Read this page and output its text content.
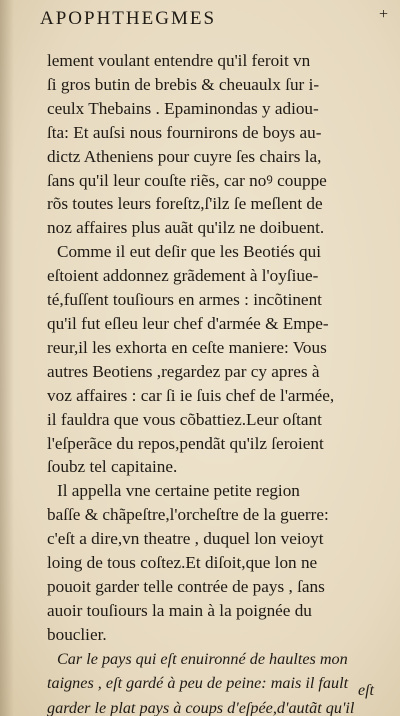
APOPHTHEGMES	+
lement voulant entendre qu'il feroit vn
ſi gros butin de brebis & cheuaulx ſur i-
ceulx Thebains . Epaminondas y adiou-
ſta: Et auſsi nous fournirons de boys au-
dictz Atheniens pour cuyre ſes chairs la,
ſans qu'il leur couſte riẽs, car noꝰ couppe
rõs toutes leurs foreſtz,ſ'ilz ſe meſlent de
noz affaires plus auãt qu'ilz ne doibuent.
Comme il eut deſir que les Beotiés qui
eſtoient addonnez grãdement à l'oyſiue-
té,fuſſent touſiours en armes : incõtinent
qu'il fut eſleu leur chef d'armée & Empe-
reur,il les exhorta en ceſte maniere: Vous
autres Beotiens ,regardez par cy apres à
voz affaires : car ſi ie ſuis chef de l'armée,
il fauldra que vous cõbattiez.Leur oſtant
l'eſperãce du repos,pendãt qu'ilz ſeroient
ſoubz tel capitaine.
Il appella vne certaine petite region
baſſe & chãpeſtre,l'orcheſtre de la guerre:
c'eſt a dire,vn theatre , duquel lon veioyt
loing de tous coſtez.Et diſoit,que lon ne
pouoit garder telle contrée de pays , ſans
auoir touſiours la main à la poignée du
bouclier.
Car le pays qui eſt enuironné de haultes mon
taignes , eſt gardé à peu de peine: mais il fault
garder le plat pays à coups d'eſpée,d'autãt qu'il
eſt
